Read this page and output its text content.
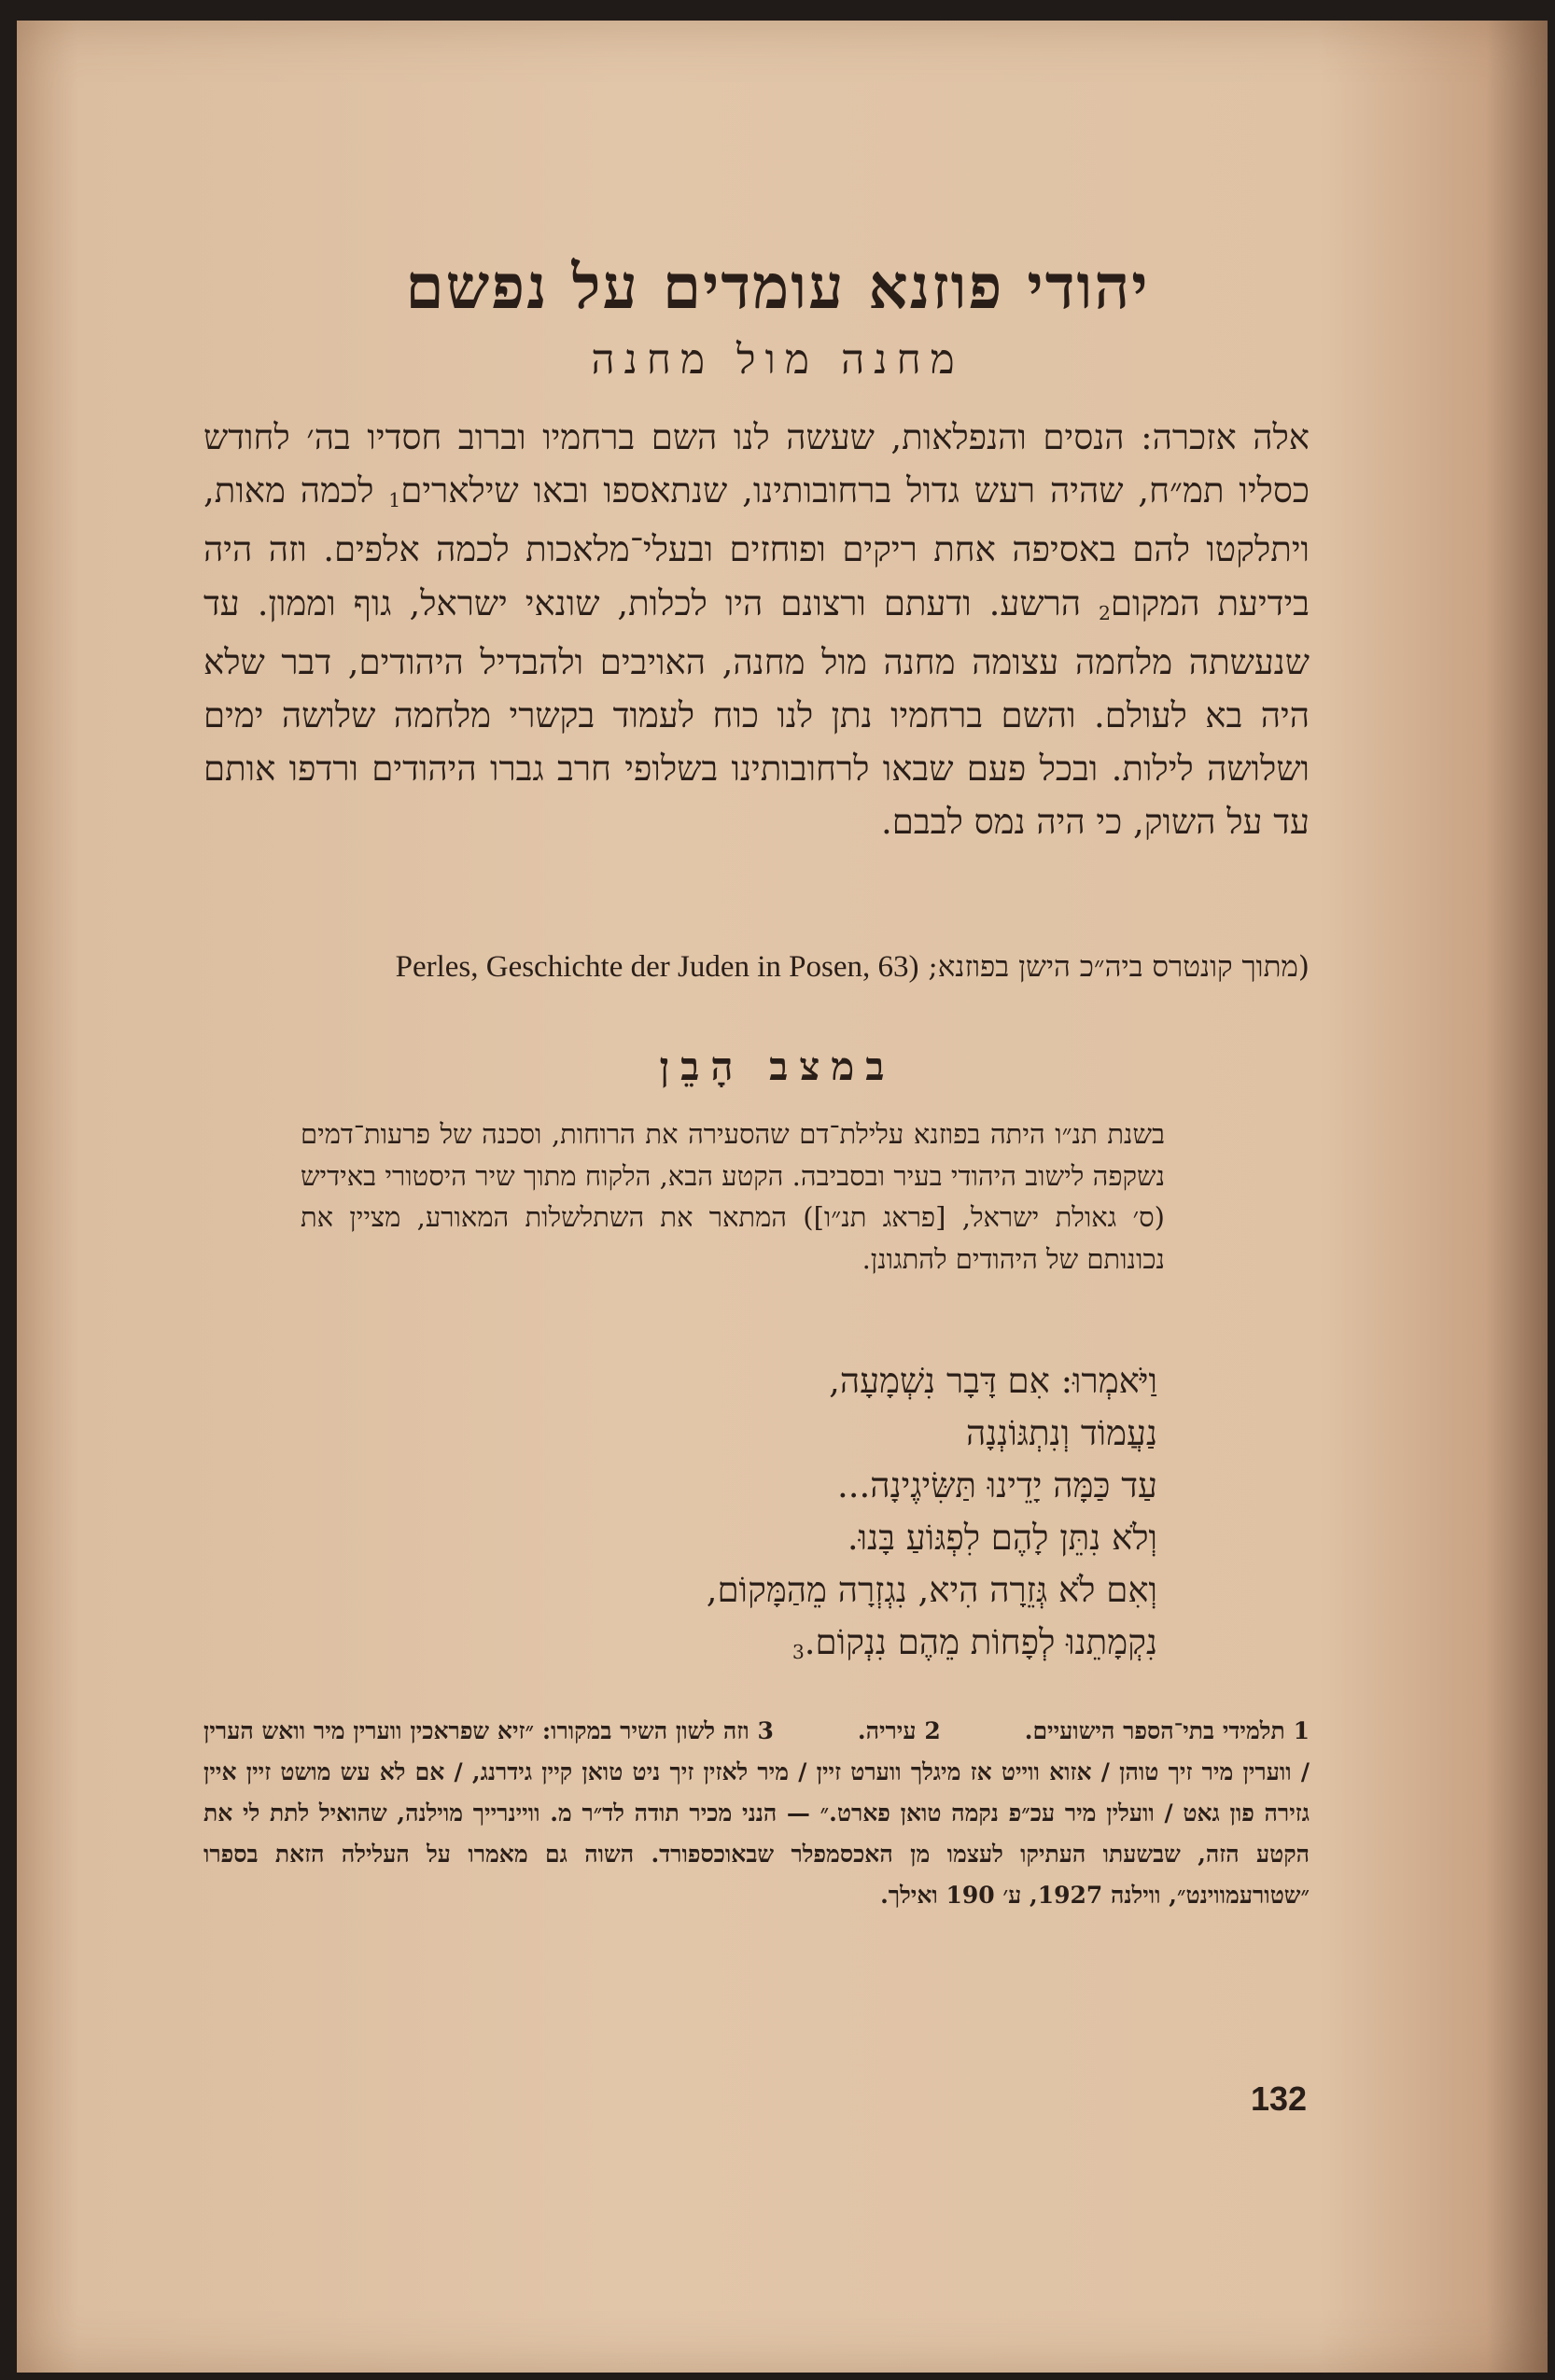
יהודי פוזנא עומדים על נפשם
מחנה מול מחנה
אלה אזכרה: הנסים והנפלאות, שעשה לנו השם ברחמיו וברוב חסדיו בה׳ לחודש כסליו תמ״ח, שהיה רעש גדול ברחובותינו, שנתאספו ובאו שילארים$^1$ לכמה מאות, ויתלקטו להם באסיפה אחת ריקים ופוחזים ובעלי־מלאכות לכמה אלפים. וזה היה בידיעת המקום$^2$ הרשע. ודעתם ורצונם היו לכלות, שונאי ישראל, גוף וממון. עד שנעשתה מלחמה עצומה מחנה מול מחנה, האויבים ולהבדיל היהודים, דבר שלא היה בא לעולם. והשם ברחמיו נתן לנו כוח לעמוד בקשרי מלחמה שלושה ימים ושלושה לילות. ובכל פעם שבאו לרחובותינו בשלופי חרב גברו היהודים ורדפו אותם עד על השוק, כי היה נמס לבבם.
(מתוך קונטרס ביה״כ הישן בפוזנא; Perles, Geschichte der Juden in Posen, 63)
במצב הָבֵן
בשנת תנ״ו היתה בפוזנא עלילת־דם שהסעירה את הרוחות, וסכנה של פרעות־דמים נשקפה לישוב היהודי בעיר ובסביבה. הקטע הבא, הלקוח מתוך שיר היסטורי באידיש (ס׳ גאולת ישראל, [פראג תנ״ו]) המתאר את השתלשלות המאורע, מציין את נכונותם של היהודים להתגונן.
וַיֹּאמְרוּ: אִם דָּבָר נִשְׁמָעָה,
נַעֲמוֹד וְנִתְגּוֹנְנָה
עַד כַּמָּה יָדֵינוּ תַּשִּׂיגֶינָה...
וְלֹא נִתֵּן לָהֶם לִפְגּוֹעַ בָּנוּ.
וְאִם לֹא גְּזֵרָה הִיא, נִגְזְרָה מֵהַמָּקוֹם,
נִקְמָתֵנוּ לְפָחוֹת מֵהֶם נִנְקוֹם.$^3$
1 תלמידי בתי־הספר הישועיים.2 עיריה.3 וזה לשון השיר במקורו: ״זיא שפראכין ווערין מיר וואש הערין / ווערין מיר זיך טוהן / אזוא ווייט אז מיגלך ווערט זיין / מיר לאזין זיך ניט טואן קיין גידרנג, / אם לא עש מושט זיין איין גזירה פון גאט / וועלין מיר עכ״פ נקמה טואן פארט.״ — הנני מכיר תודה לד״ר מ. וויינרייך מוילנה, שהואיל לתת לי את הקטע הזה, שבשעתו העתיקו לעצמו מן האכסמפלר שבאוכספורד. השוה גם מאמרו על העלילה הזאת בספרו ״שטורעמווינט״, ווילנה 1927, ע׳ 190 ואילך.
132
